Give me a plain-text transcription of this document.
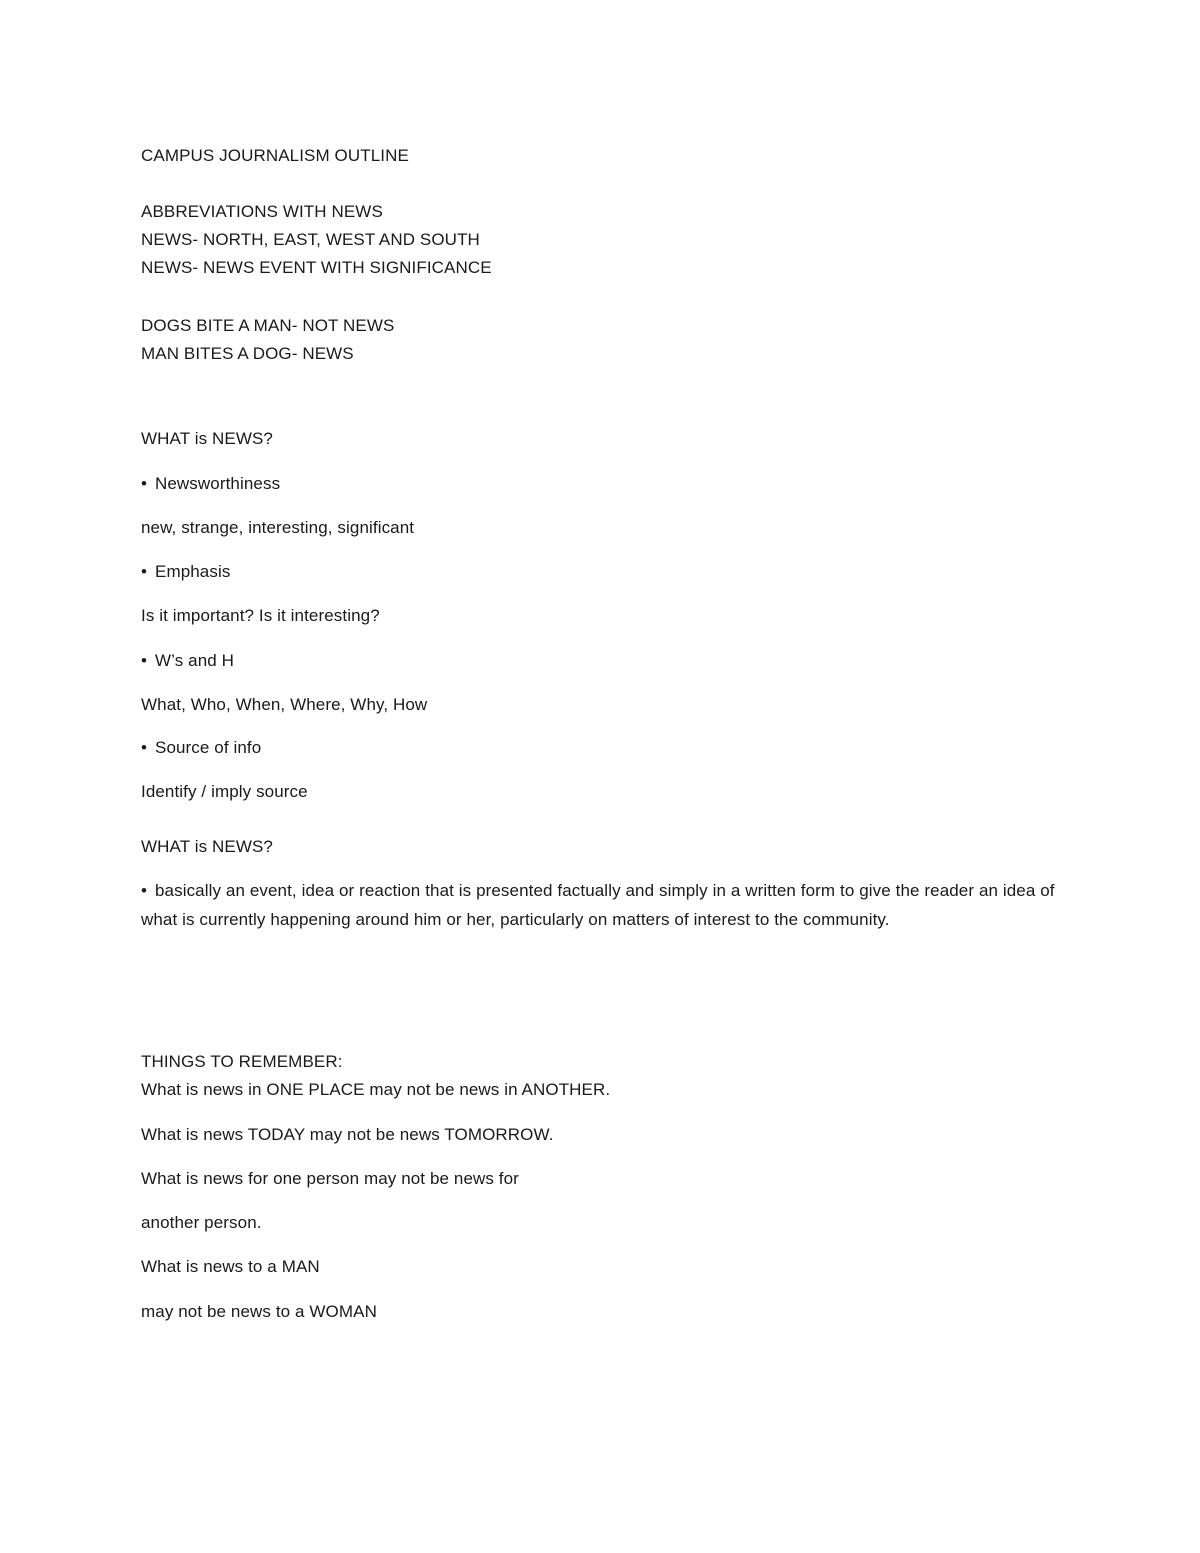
CAMPUS JOURNALISM OUTLINE
ABBREVIATIONS WITH NEWS
NEWS- NORTH, EAST, WEST AND SOUTH
NEWS- NEWS EVENT WITH SIGNIFICANCE
DOGS BITE A MAN- NOT NEWS
MAN BITES A DOG- NEWS
WHAT is NEWS?
• Newsworthiness
new, strange, interesting, significant
• Emphasis
Is it important? Is it interesting?
• W’s and H
What, Who, When, Where, Why, How
• Source of info
Identify / imply source
WHAT is NEWS?
• basically an event, idea or reaction that is presented factually and simply in a written form to give the reader an idea of what is currently happening around him or her, particularly on matters of interest to the community.
THINGS TO REMEMBER:
What is news in ONE PLACE may not be news in ANOTHER.
What is news TODAY may not be news TOMORROW.
What is news for one person may not be news for
another person.
What is news to a MAN
may not be news to a WOMAN
